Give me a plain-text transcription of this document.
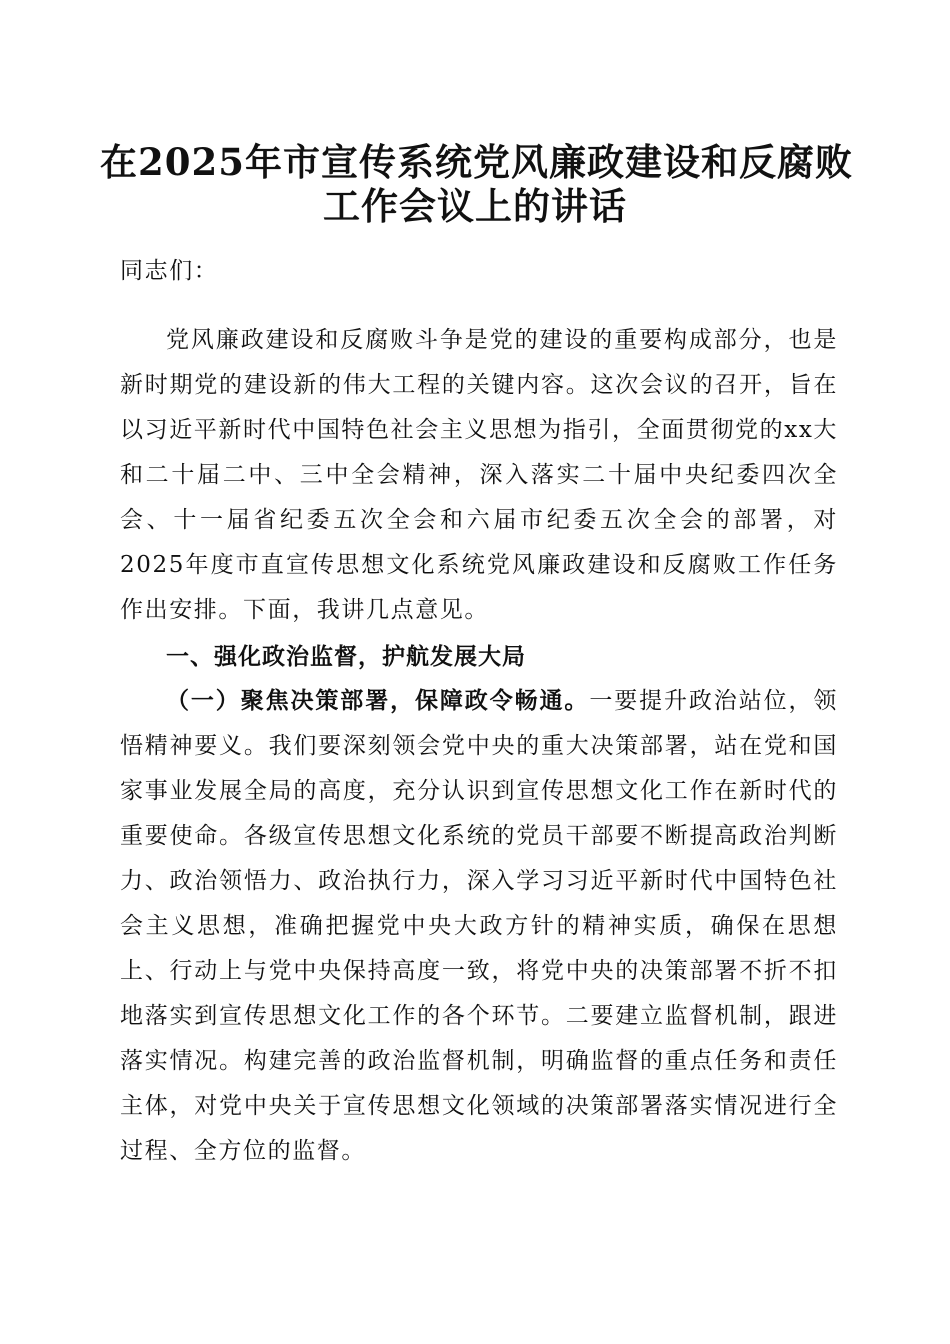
在2025年市宣传系统党风廉政建设和反腐败
工作会议上的讲话

同志们：

党风廉政建设和反腐败斗争是党的建设的重要构成部分，也是新时期党的建设新的伟大工程的关键内容。这次会议的召开，旨在以习近平新时代中国特色社会主义思想为指引，全面贯彻党的xx大和二十届二中、三中全会精神，深入落实二十届中央纪委四次全会、十一届省纪委五次全会和六届市纪委五次全会的部署，对2025年度市直宣传思想文化系统党风廉政建设和反腐败工作任务作出安排。下面，我讲几点意见。

一、强化政治监督，护航发展大局

（一）聚焦决策部署，保障政令畅通。一要提升政治站位，领悟精神要义。我们要深刻领会党中央的重大决策部署，站在党和国家事业发展全局的高度，充分认识到宣传思想文化工作在新时代的重要使命。各级宣传思想文化系统的党员干部要不断提高政治判断力、政治领悟力、政治执行力，深入学习习近平新时代中国特色社会主义思想，准确把握党中央大政方针的精神实质，确保在思想上、行动上与党中央保持高度一致，将党中央的决策部署不折不扣地落实到宣传思想文化工作的各个环节。二要建立监督机制，跟进落实情况。构建完善的政治监督机制，明确监督的重点任务和责任主体，对党中央关于宣传思想文化领域的决策部署落实情况进行全过程、全方位的监督。
